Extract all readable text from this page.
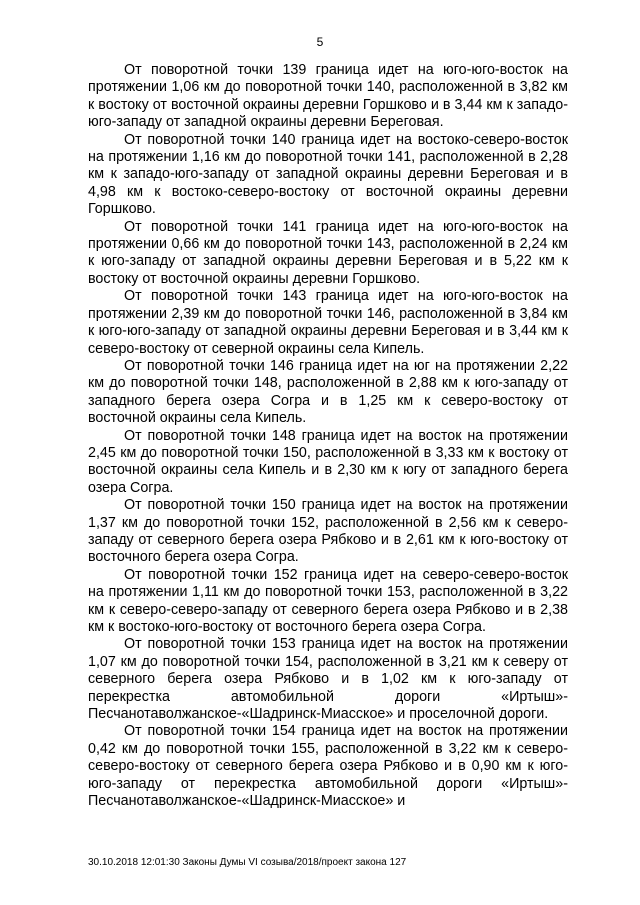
5

От поворотной точки 139 граница идет на юго-юго-восток на протяжении 1,06 км до поворотной точки 140, расположенной в 3,82 км к востоку от восточной окраины деревни Горшково и в 3,44 км к западо-юго-западу от западной окраины деревни Береговая.

От поворотной точки 140 граница идет на востоко-северо-восток на протяжении 1,16 км до поворотной точки 141, расположенной в 2,28 км к западо-юго-западу от западной окраины деревни Береговая и в 4,98 км к востоко-северо-востоку от восточной окраины деревни Горшково.

От поворотной точки 141 граница идет на юго-юго-восток на протяжении 0,66 км до поворотной точки 143, расположенной в 2,24 км к юго-западу от западной окраины деревни Береговая и в 5,22 км к востоку от восточной окраины деревни Горшково.

От поворотной точки 143 граница идет на юго-юго-восток на протяжении 2,39 км до поворотной точки 146, расположенной в 3,84 км к юго-юго-западу от западной окраины деревни Береговая и в 3,44 км к северо-востоку от северной окраины села Кипель.

От поворотной точки 146 граница идет на юг на протяжении 2,22 км до поворотной точки 148, расположенной в 2,88 км к юго-западу от западного берега озера Согра и в 1,25 км к северо-востоку от восточной окраины села Кипель.

От поворотной точки 148 граница идет на восток на протяжении 2,45 км до поворотной точки 150, расположенной в 3,33 км к востоку от восточной окраины села Кипель и в 2,30 км к югу от западного берега озера Согра.

От поворотной точки 150 граница идет на восток на протяжении 1,37 км до поворотной точки 152, расположенной в 2,56 км к северо-западу от северного берега озера Рябково и в 2,61 км к юго-востоку от восточного берега озера Согра.

От поворотной точки 152 граница идет на северо-северо-восток на протяжении 1,11 км до поворотной точки 153, расположенной в 3,22 км к северо-северо-западу от северного берега озера Рябково и в 2,38 км к востоко-юго-востоку от восточного берега озера Согра.

От поворотной точки 153 граница идет на восток на протяжении 1,07 км до поворотной точки 154, расположенной в 3,21 км к северу от северного берега озера Рябково и в 1,02 км к юго-западу от перекрестка автомобильной дороги «Иртыш»-Песчанотаволжанское-«Шадринск-Миасское» и проселочной дороги.

От поворотной точки 154 граница идет на восток на протяжении 0,42 км до поворотной точки 155, расположенной в 3,22 км к северо-северо-востоку от северного берега озера Рябково и в 0,90 км к юго-юго-западу от перекрестка автомобильной дороги «Иртыш»-Песчанотаволжанское-«Шадринск-Миасское» и

30.10.2018 12:01:30 Законы Думы VI созыва/2018/проект закона 127
